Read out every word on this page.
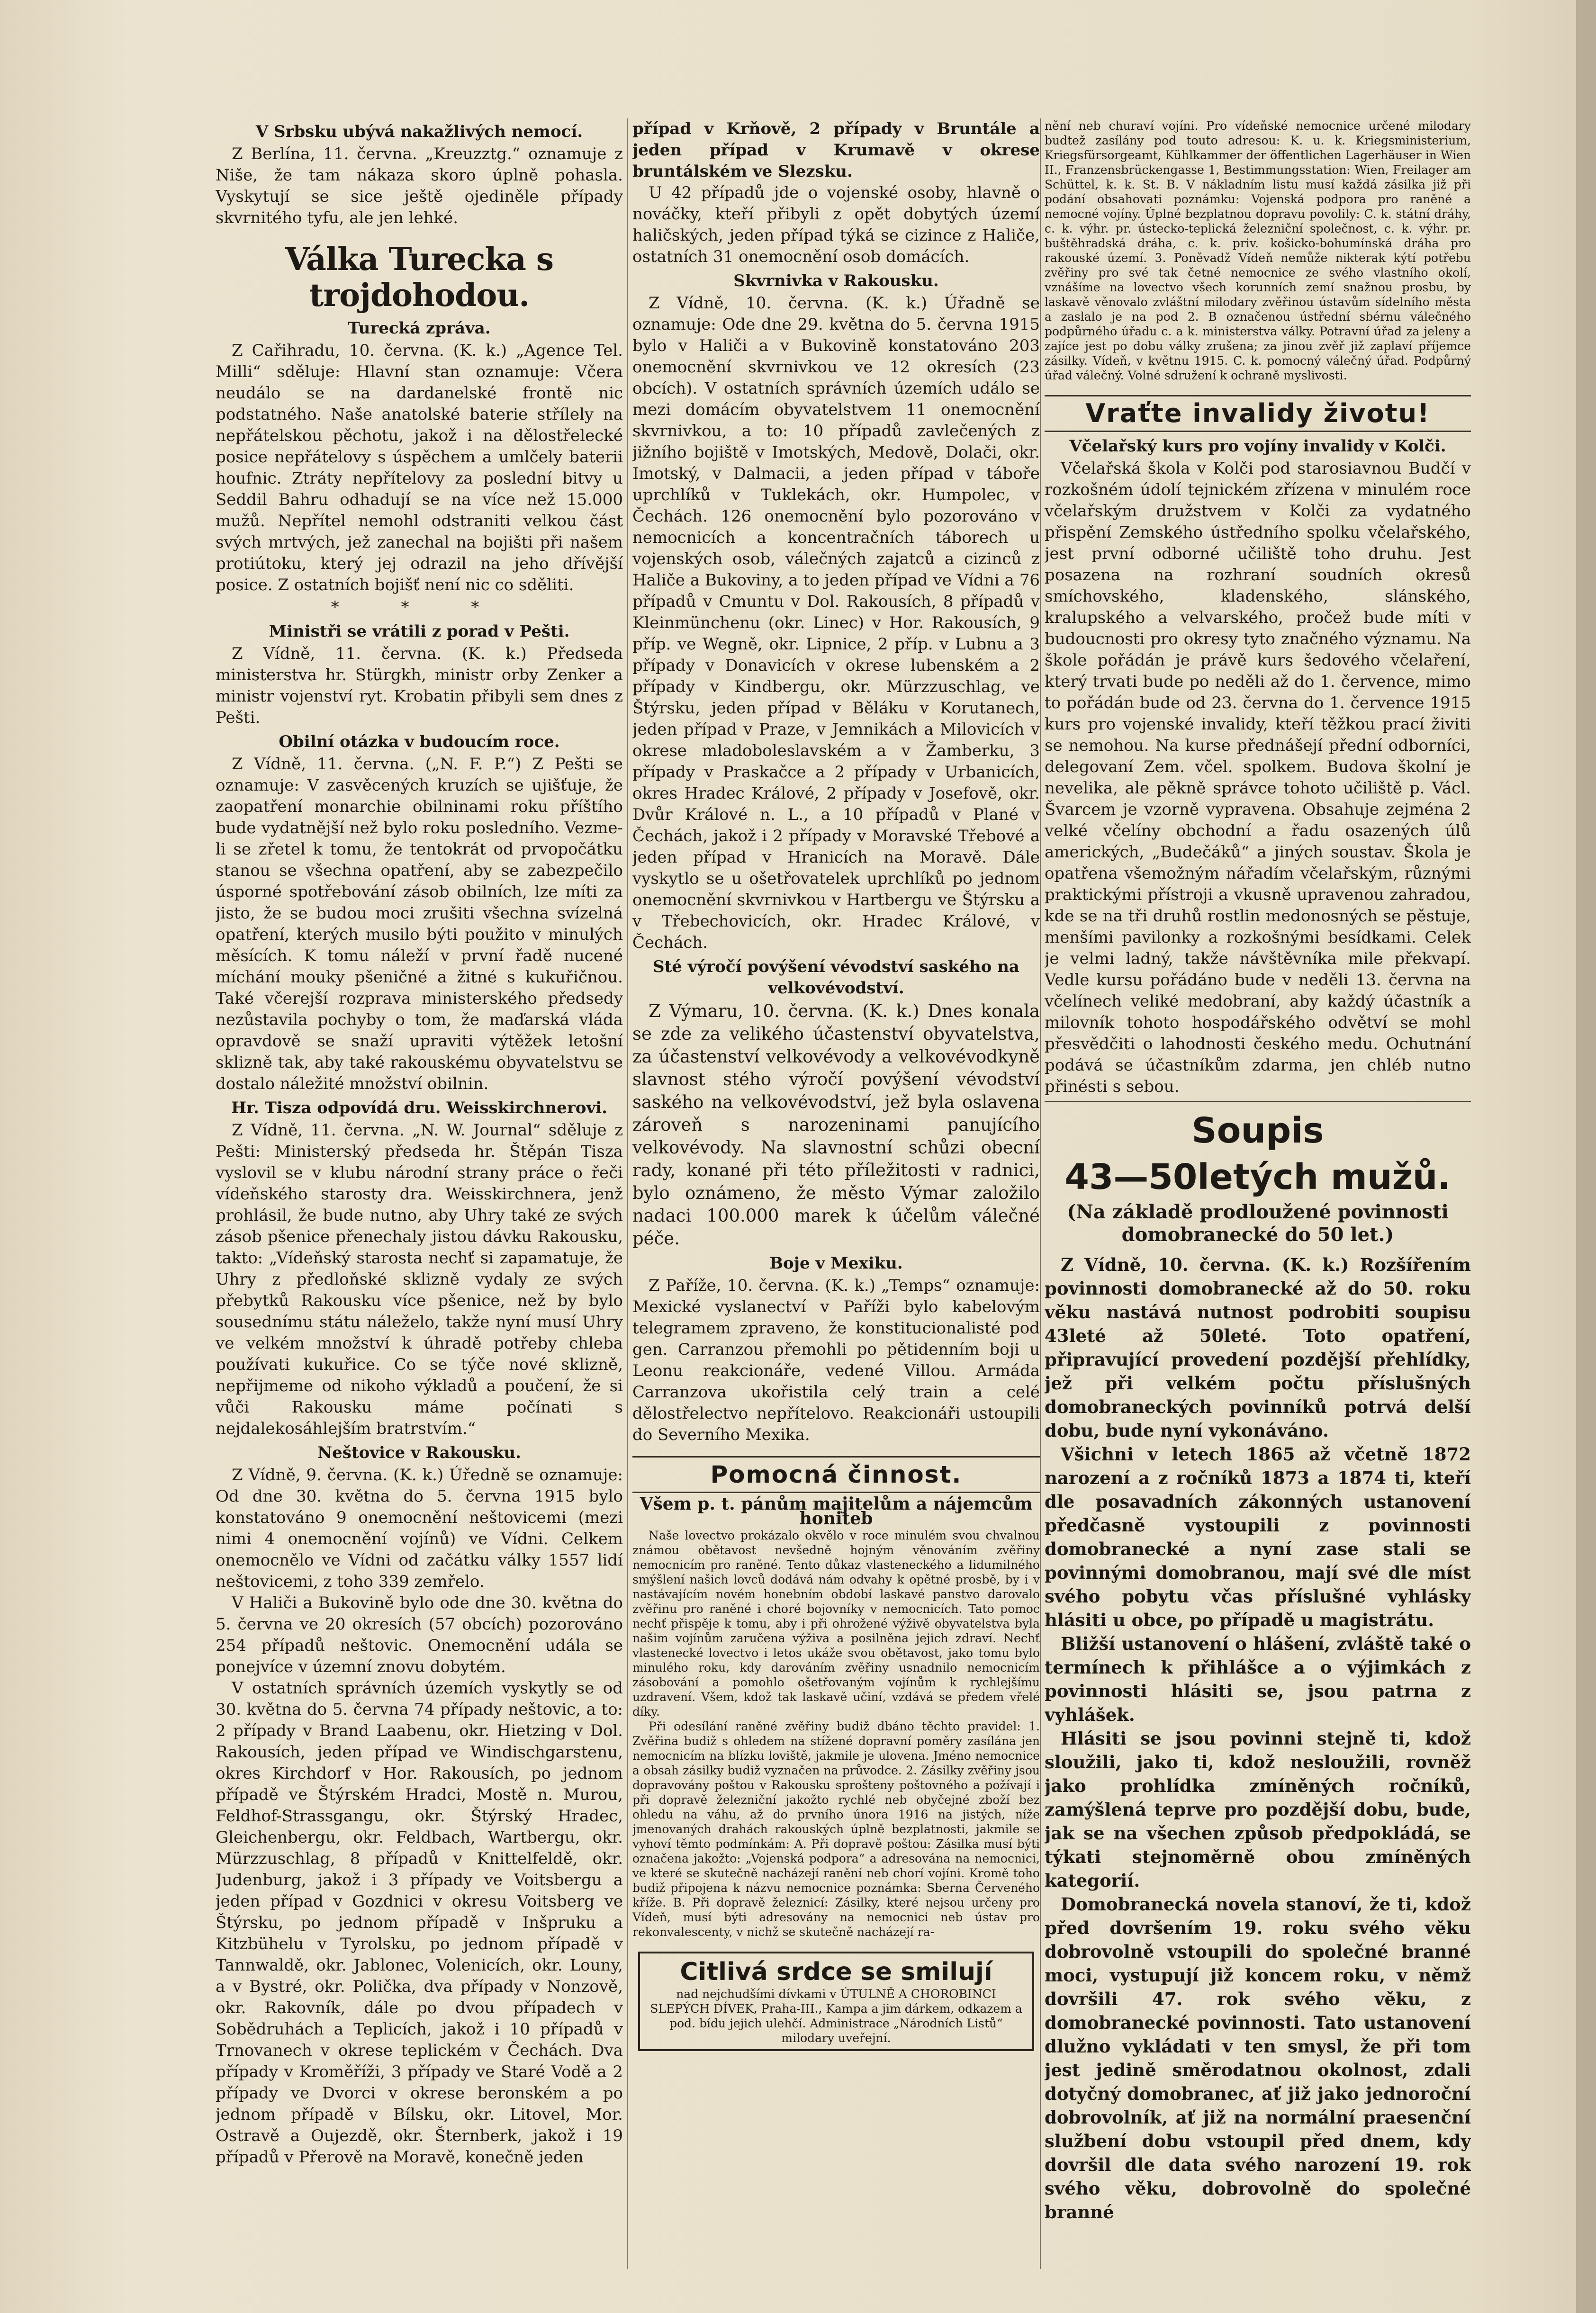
V Srbsku ubývá nakažlivých nemocí.

Z Berlína, 11. června. „Kreuzztg.“ oznamuje z Niše, že tam nákaza skoro úplně pohasla. Vyskytují se sice ještě ojediněle případy skvrnitého tyfu, ale jen lehké.

Válka Turecka s trojdohodou.
Turecká zpráva.

Z Cařihradu, 10. června. (K. k.) „Agence Tel. Milli“ sděluje: Hlavní stan oznamuje: Včera neudálo se na dardanelské frontě nic podstatného. Naše anatolské baterie střílely na nepřátelskou pěchotu, jakož i na dělostřelecké posice nepřátelovy s úspěchem a umlčely baterii houfnic. Ztráty nepřítelovy za poslední bitvy u Seddil Bahru odhadují se na více než 15.000 mužů. Nepřítel nemohl odstraniti velkou část svých mrtvých, jež zanechal na bojišti při našem protiútoku, který jej odrazil na jeho dřívější posice. Z ostatních bojišť není nic co sděliti.

* * *
Ministři se vrátili z porad v Pešti.

Z Vídně, 11. června. (K. k.) Předseda ministerstva hr. Stürgkh, ministr orby Zenker a ministr vojenství ryt. Krobatin přibyli sem dnes z Pešti.

Obilní otázka v budoucím roce.

Z Vídně, 11. června. („N. F. P.“) Z Pešti se oznamuje: V zasvěcených kruzích se ujišťuje, že zaopatření monarchie obilninami roku příštího bude vydatnější než bylo roku posledního. Vezme-li se zřetel k tomu, že tentokrát od prvopočátku stanou se všechna opatření, aby se zabezpečilo úsporné spotřebování zásob obilních, lze míti za jisto, že se budou moci zrušiti všechna svízelná opatření, kterých musilo býti použito v minulých měsících. K tomu náleží v první řadě nucené míchání mouky pšeničné a žitné s kukuřičnou. Také včerejší rozprava ministerského předsedy nezůstavila pochyby o tom, že maďarská vláda opravdově se snaží upraviti výtěžek letošní sklizně tak, aby také rakouskému obyvatelstvu se dostalo náležité množství obilnin.

Hr. Tisza odpovídá dru. Weisskirchnerovi.

Z Vídně, 11. června. „N. W. Journal“ sděluje z Pešti: Ministerský předseda hr. Štěpán Tisza vyslovil se v klubu národní strany práce o řeči vídeňského starosty dra. Weisskirchnera, jenž prohlásil, že bude nutno, aby Uhry také ze svých zásob pšenice přenechaly jistou dávku Rakousku, takto: „Vídeňský starosta nechť si zapamatuje, že Uhry z předloňské sklizně vydaly ze svých přebytků Rakousku více pšenice, než by bylo sousednímu státu náleželo, takže nyní musí Uhry ve velkém množství k úhradě potřeby chleba používati kukuřice. Co se týče nové sklizně, nepřijmeme od nikoho výkladů a poučení, že si vůči Rakousku máme počínati s nejdalekosáhlejším bratrstvím.“

Neštovice v Rakousku.

Z Vídně, 9. června. (K. k.) Úředně se oznamuje: Od dne 30. května do 5. června 1915 bylo konstatováno 9 onemocnění neštovicemi (mezi nimi 4 onemocnění vojínů) ve Vídni. Celkem onemocnělo ve Vídni od začátku války 1557 lidí neštovicemi, z toho 339 zemřelo.

V Haliči a Bukovině bylo ode dne 30. května do 5. června ve 20 okresích (57 obcích) pozorováno 254 případů neštovic. Onemocnění udála se ponejvíce v územní znovu dobytém.

V ostatních správních územích vyskytly se od 30. května do 5. června 74 případy neštovic, a to: 2 případy v Brand Laabenu, okr. Hietzing v Dol. Rakousích, jeden případ ve Windischgarstenu, okres Kirchdorf v Hor. Rakousích, po jednom případě ve Štýrském Hradci, Mostě n. Murou, Feldhof-Strassgangu, okr. Štýrský Hradec, Gleichenbergu, okr. Feldbach, Wartbergu, okr. Mürzzuschlag, 8 případů v Knittelfeldě, okr. Judenburg, jakož i 3 případy ve Voitsbergu a jeden případ v Gozdnici v okresu Voitsberg ve Štýrsku, po jednom případě v Inšpruku a Kitzbühelu v Tyrolsku, po jednom případě v Tannwaldě, okr. Jablonec, Volenicích, okr. Louny, a v Bystré, okr. Polička, dva případy v Nonzově, okr. Rakovník, dále po dvou případech v Sobědruhách a Teplicích, jakož i 10 případů v Trnovanech v okrese teplickém v Čechách. Dva případy v Kroměříži, 3 případy ve Staré Vodě a 2 případy ve Dvorci v okrese beronském a po jednom případě v Bílsku, okr. Litovel, Mor. Ostravě a Oujezdě, okr. Šternberk, jakož i 19 případů v Přerově na Moravě, konečně jeden

případ v Krňově, 2 případy v Bruntále a jeden případ v Krumavě v okrese bruntálském ve Slezsku.

U 42 případů jde o vojenské osoby, hlavně o nováčky, kteří přibyli z opět dobytých území haličských, jeden případ týká se cizince z Haliče, ostatních 31 onemocnění osob domácích.

Skvrnivka v Rakousku.

Z Vídně, 10. června. (K. k.) Úřadně se oznamuje: Ode dne 29. května do 5. června 1915 bylo v Haliči a v Bukovině konstatováno 203 onemocnění skvrnivkou ve 12 okresích (23 obcích). V ostatních správních územích událo se mezi domácím obyvatelstvem 11 onemocnění skvrnivkou, a to: 10 případů zavlečených z jižního bojiště v Imotských, Medově, Dolači, okr. Imotský, v Dalmacii, a jeden případ v táboře uprchlíků v Tuklekách, okr. Humpolec, v Čechách. 126 onemocnění bylo pozorováno v nemocnicích a koncentračních táborech u vojenských osob, válečných zajatců a cizinců z Haliče a Bukoviny, a to jeden případ ve Vídni a 76 případů v Cmuntu v Dol. Rakousích, 8 případů v Kleinmünchenu (okr. Linec) v Hor. Rakousích, 9 příp. ve Wegně, okr. Lipnice, 2 příp. v Lubnu a 3 případy v Donavicích v okrese lubenském a 2 případy v Kindbergu, okr. Mürzzuschlag, ve Štýrsku, jeden případ v Běláku v Korutanech, jeden případ v Praze, v Jemnikách a Milovicích v okrese mladoboleslavském a v Žamberku, 3 případy v Praskačce a 2 případy v Urbanicích, okres Hradec Králové, 2 případy v Josefově, okr. Dvůr Králové n. L., a 10 případů v Plané v Čechách, jakož i 2 případy v Moravské Třebové a jeden případ v Hranicích na Moravě. Dále vyskytlo se u ošetřovatelek uprchlíků po jednom onemocnění skvrnivkou v Hartbergu ve Štýrsku a v Třebechovicích, okr. Hradec Králové, v Čechách.

Sté výročí povýšení vévodství saského na velkovévodství.

Z Výmaru, 10. června. (K. k.) Dnes konala se zde za velikého účastenství obyvatelstva, za účastenství velkovévody a velkovévodkyně slavnost stého výročí povýšení vévodství saského na velkovévodství, jež byla oslavena zároveň s narozeninami panujícího velkovévody. Na slavnostní schůzi obecní rady, konané při této příležitosti v radnici, bylo oznámeno, že město Výmar založilo nadaci 100.000 marek k účelům válečné péče.

Boje v Mexiku.

Z Paříže, 10. června. (K. k.) „Temps“ oznamuje: Mexické vyslanectví v Paříži bylo kabelovým telegramem zpraveno, že konstitucionalisté pod gen. Carranzou přemohli po pětidenním boji u Leonu reakcionáře, vedené Villou. Armáda Carranzova ukořistila celý train a celé dělostřelectvo nepřítelovo. Reakcionáři ustoupili do Severního Mexika.

Pomocná činnost.
Všem p. t. pánům majitelům a nájemcům honiteb

Naše lovectvo prokázalo okvělo v roce minulém svou chvalnou známou obětavost nevšedně hojným věnováním zvěřiny nemocnicím pro raněné. Tento důkaz vlasteneckého a lidumilného smýšlení našich lovců dodává nám odvahy k opětné prosbě, by i v nastávajícím novém honebním období laskavé panstvo darovalo zvěřinu pro raněné i choré bojovníky v nemocnicích. Tato pomoc nechť přispěje k tomu, aby i při ohrožené výživě obyvatelstva byla našim vojínům zaručena výživa a posilněna jejich zdraví. Nechť vlastenecké lovectvo i letos ukáže svou obětavost, jako tomu bylo minulého roku, kdy darováním zvěřiny usnadnilo nemocnicím zásobování a pomohlo ošetřovaným vojínům k rychlejšímu uzdravení. Všem, kdož tak laskavě učiní, vzdává se předem vřelé díky.

Při odesílání raněné zvěřiny budiž dbáno těchto pravidel: 1. Zvěřina budiž s ohledem na stížené dopravní poměry zasílána jen nemocnicím na blízku loviště, jakmile je ulovena. Jméno nemocnice a obsah zásilky budiž vyznačen na průvodce. 2. Zásilky zvěřiny jsou dopravovány poštou v Rakousku sprošteny poštovného a požívají i při dopravě železniční jakožto rychlé neb obyčejné zboží bez ohledu na váhu, až do prvního února 1916 na jistých, níže jmenovaných drahách rakouských úplně bezplatnosti, jakmile se vyhoví těmto podmínkám: A. Při dopravě poštou: Zásilka musí býti označena jakožto: „Vojenská podpora“ a adresována na nemocnici, ve které se skutečně nacházejí ranění neb chorí vojíni. Kromě toho budiž připojena k názvu nemocnice poznámka: Sberna Červeného kříže. B. Při dopravě železnicí: Zásilky, které nejsou určeny pro Vídeň, musí býti adresovány na nemocnici neb ústav pro rekonvalescenty, v nichž se skutečně nacházejí ra-

Citlivá srdce se smilují

nad nejchudšími dívkami v ÚTULNĚ A CHOROBINCI SLEPÝCH DÍVEK, Praha-III., Kampa a jim dárkem, odkazem a pod. bídu jejich ulehčí. Administrace „Národních Listů“ milodary uveřejní.

nění neb churaví vojíni. Pro vídeňské nemocnice určené milodary budtež zasílány pod touto adresou: K. u. k. Kriegsministerium, Kriegsfürsorgeamt, Kühlkammer der öffentlichen Lagerhäuser in Wien II., Franzensbrückengasse 1, Bestimmungsstation: Wien, Freilager am Schüttel, k. k. St. B. V nákladním listu musí každá zásilka již při podání obsahovati poznámku: Vojenská podpora pro raněné a nemocné vojíny. Úplné bezplatnou dopravu povolily: C. k. státní dráhy, c. k. výhr. pr. ústecko-teplická železniční společnost, c. k. výhr. pr. buštěhradská dráha, c. k. priv. košicko-bohumínská dráha pro rakouské území. 3. Poněvadž Vídeň nemůže nikterak kýtí potřebu zvěřiny pro své tak četné nemocnice ze svého vlastního okolí, vznášíme na lovectvo všech korunních zemí snažnou prosbu, by laskavě věnovalo zvláštní milodary zvěřinou ústavům sídelního města a zaslalo je na pod 2. B označenou ústřední sbérnu válečného podpůrného úřadu c. a k. ministerstva války. Potravní úřad za jeleny a zajíce jest po dobu války zrušena; za jinou zvěř již zaplaví příjemce zásilky. Vídeň, v květnu 1915. C. k. pomocný válečný úřad. Podpůrný úřad válečný. Volné sdružení k ochraně myslivosti.

Vraťte invalidy životu!
Včelařský kurs pro vojíny invalidy v Kolči.

Včelařská škola v Kolči pod starosiavnou Budčí v rozkošném údolí tejnickém zřízena v minulém roce včelařským družstvem v Kolči za vydatného přispění Zemského ústředního spolku včelařského, jest první odborné učiliště toho druhu. Jest posazena na rozhraní soudních okresů smíchovského, kladenského, slánského, kralupského a velvarského, pročež bude míti v budoucnosti pro okresy tyto značného významu. Na škole pořádán je právě kurs šedového včelaření, který trvati bude po neděli až do 1. července, mimo to pořádán bude od 23. června do 1. července 1915 kurs pro vojenské invalidy, kteří těžkou prací živiti se nemohou. Na kurse přednášejí přední odborníci, delegovaní Zem. včel. spolkem. Budova školní je nevelika, ale pěkně správce tohoto učiliště p. Václ. Švarcem je vzorně vypravena. Obsahuje zejména 2 velké včelíny obchodní a řadu osazených úlů amerických, „Budečáků“ a jiných soustav. Škola je opatřena všemožným nářadím včelařským, různými praktickými přístroji a vkusně upravenou zahradou, kde se na tři druhů rostlin medonosných se pěstuje, menšími pavilonky a rozkošnými besídkami. Celek je velmi ladný, takže návštěvníka mile překvapí. Vedle kursu pořádáno bude v neděli 13. června na včelínech veliké medobraní, aby každý účastník a milovník tohoto hospodářského odvětví se mohl přesvědčiti o lahodnosti českého medu. Ochutnání podává se účastníkům zdarma, jen chléb nutno přinésti s sebou.

Soupis
43—50letých mužů.
(Na základě prodloužené povinnosti domobranecké do 50 let.)

Z Vídně, 10. června. (K. k.) Rozšířením povinnosti domobranecké až do 50. roku věku nastává nutnost podrobiti soupisu 43leté až 50leté. Toto opatření, připravující provedení pozdější přehlídky, jež při velkém počtu příslušných domobraneckých povinníků potrvá delší dobu, bude nyní vykonáváno.

Všichni v letech 1865 až včetně 1872 narození a z ročníků 1873 a 1874 ti, kteří dle posavadních zákonných ustanovení předčasně vystoupili z povinnosti domobranecké a nyní zase stali se povinnými domobranou, mají své dle míst svého pobytu včas příslušné vyhlásky hlásiti u obce, po případě u magistrátu.

Bližší ustanovení o hlášení, zvláště také o termínech k přihlášce a o výjimkách z povinnosti hlásiti se, jsou patrna z vyhlášek.

Hlásiti se jsou povinni stejně ti, kdož sloužili, jako ti, kdož nesloužili, rovněž jako prohlídka zmíněných ročníků, zamýšlená teprve pro pozdější dobu, bude, jak se na všechen způsob předpokládá, se týkati stejnoměrně obou zmíněných kategorií.

Domobranecká novela stanoví, že ti, kdož před dovršením 19. roku svého věku dobrovolně vstoupili do společné branné moci, vystupují již koncem roku, v němž dovršili 47. rok svého věku, z domobranecké povinnosti. Tato ustanovení dlužno vykládati v ten smysl, že při tom jest jedině směrodatnou okolnost, zdali dotyčný domobranec, ať již jako jednoroční dobrovolník, ať již na normální praesenční službení dobu vstoupil před dnem, kdy dovršil dle data svého narození 19. rok svého věku, dobrovolně do společné branné
